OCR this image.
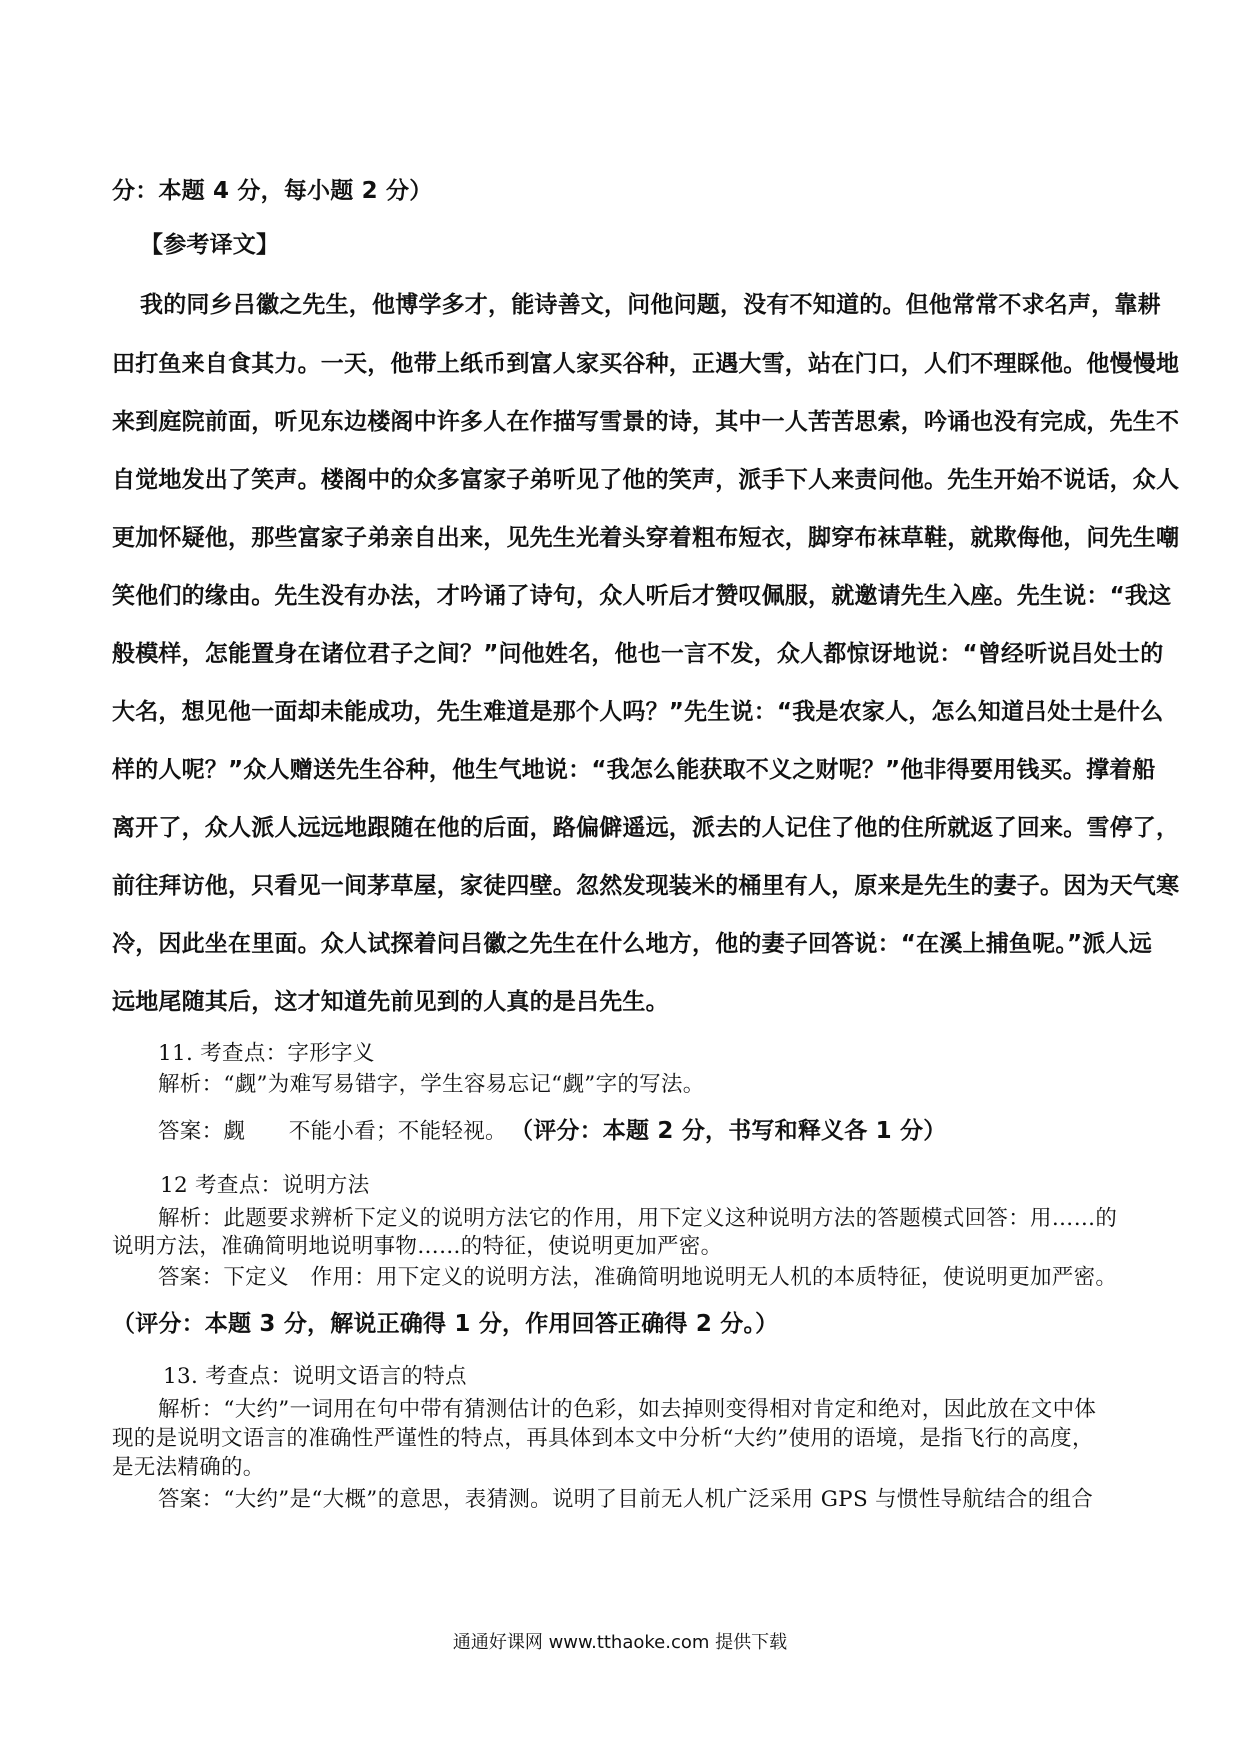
分：本题 4 分，每小题 2 分）
【参考译文】
我的同乡吕徽之先生，他博学多才，能诗善文，问他问题，没有不知道的。但他常常不求名声，靠耕
田打鱼来自食其力。一天，他带上纸币到富人家买谷种，正遇大雪，站在门口，人们不理睬他。他慢慢地
来到庭院前面，听见东边楼阁中许多人在作描写雪景的诗，其中一人苦苦思索，吟诵也没有完成，先生不
自觉地发出了笑声。楼阁中的众多富家子弟听见了他的笑声，派手下人来责问他。先生开始不说话，众人
更加怀疑他，那些富家子弟亲自出来，见先生光着头穿着粗布短衣，脚穿布袜草鞋，就欺侮他，问先生嘲
笑他们的缘由。先生没有办法，才吟诵了诗句，众人听后才赞叹佩服，就邀请先生入座。先生说：“我这
般模样，怎能置身在诸位君子之间？”问他姓名，他也一言不发，众人都惊讶地说：“曾经听说吕处士的
大名，想见他一面却未能成功，先生难道是那个人吗？”先生说：“我是农家人，怎么知道吕处士是什么
样的人呢？”众人赠送先生谷种，他生气地说：“我怎么能获取不义之财呢？”他非得要用钱买。撑着船
离开了，众人派人远远地跟随在他的后面，路偏僻遥远，派去的人记住了他的住所就返了回来。雪停了，
前往拜访他，只看见一间茅草屋，家徒四壁。忽然发现装米的桶里有人，原来是先生的妻子。因为天气寒
冷，因此坐在里面。众人试探着问吕徽之先生在什么地方，他的妻子回答说：“在溪上捕鱼呢。”派人远
远地尾随其后，这才知道先前见到的人真的是吕先生。
11. 考查点：字形字义
解析：“觑”为难写易错字，学生容易忘记“觑”字的写法。
答案：觑　　不能小看；不能轻视。 （评分：本题 2 分，书写和释义各 1 分）
12 考查点：说明方法
解析：此题要求辨析下定义的说明方法它的作用，用下定义这种说明方法的答题模式回答：用……的
说明方法，准确简明地说明事物……的特征，使说明更加严密。
答案：下定义　作用：用下定义的说明方法，准确简明地说明无人机的本质特征，使说明更加严密。
（评分：本题 3 分，解说正确得 1 分，作用回答正确得 2 分。）
13. 考查点：说明文语言的特点
解析：“大约”一词用在句中带有猜测估计的色彩，如去掉则变得相对肯定和绝对，因此放在文中体
现的是说明文语言的准确性严谨性的特点，再具体到本文中分析“大约”使用的语境，是指飞行的高度，
是无法精确的。
答案：“大约”是“大概”的意思，表猜测。说明了目前无人机广泛采用 GPS 与惯性导航结合的组合
通通好课网 www.tthaoke.com 提供下载
